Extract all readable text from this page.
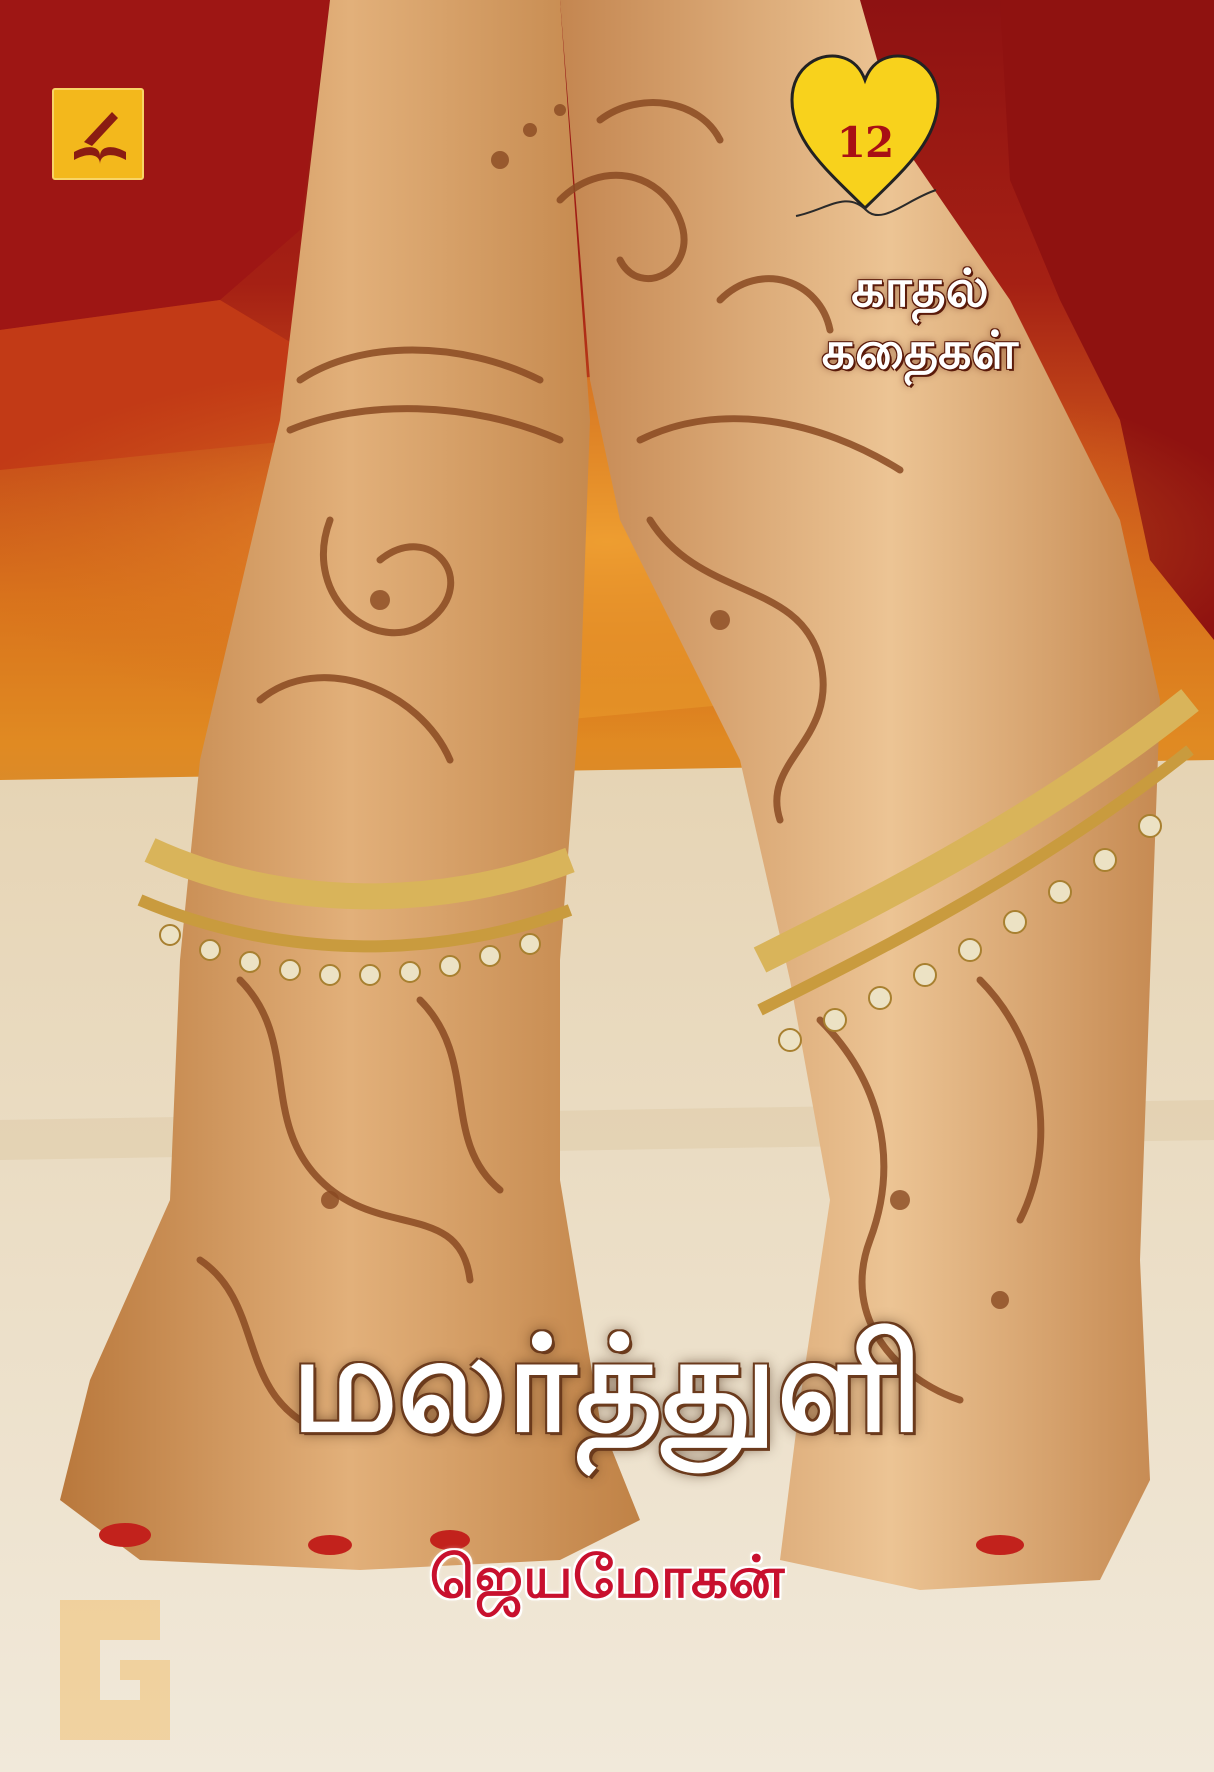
12
காதல்
கதைகள்
மலர்த்துளி
ஜெயமோகன்
